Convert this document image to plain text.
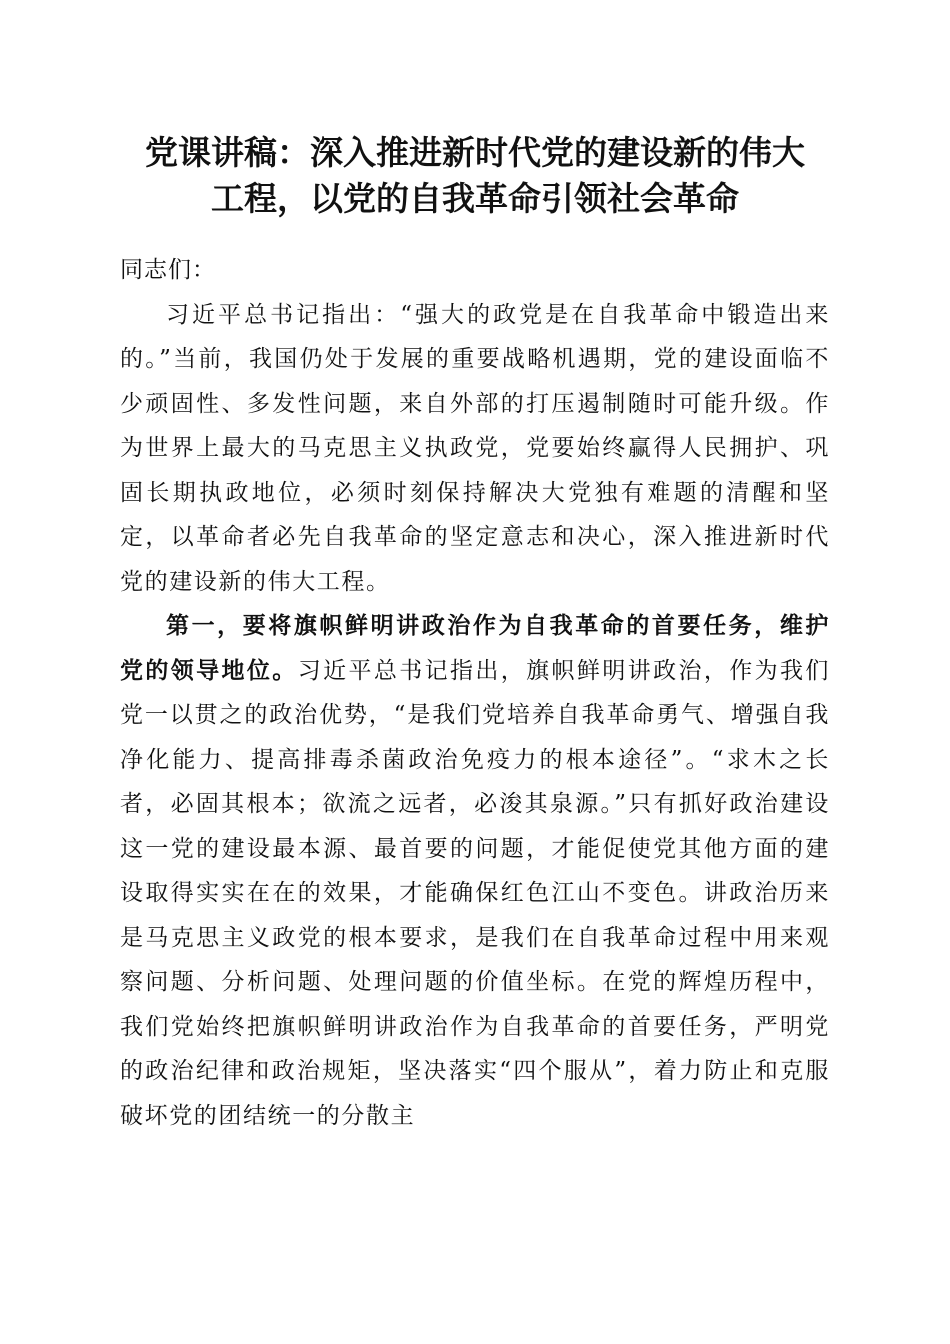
党课讲稿：深入推进新时代党的建设新的伟大
工程，以党的自我革命引领社会革命

同志们：

习近平总书记指出：“强大的政党是在自我革命中锻造出来的。”当前，我国仍处于发展的重要战略机遇期，党的建设面临不少顽固性、多发性问题，来自外部的打压遏制随时可能升级。作为世界上最大的马克思主义执政党，党要始终赢得人民拥护、巩固长期执政地位，必须时刻保持解决大党独有难题的清醒和坚定，以革命者必先自我革命的坚定意志和决心，深入推进新时代党的建设新的伟大工程。

第一，要将旗帜鲜明讲政治作为自我革命的首要任务，维护党的领导地位。习近平总书记指出，旗帜鲜明讲政治，作为我们党一以贯之的政治优势，“是我们党培养自我革命勇气、增强自我净化能力、提高排毒杀菌政治免疫力的根本途径”。“求木之长者，必固其根本；欲流之远者，必浚其泉源。”只有抓好政治建设这一党的建设最本源、最首要的问题，才能促使党其他方面的建设取得实实在在的效果，才能确保红色江山不变色。讲政治历来是马克思主义政党的根本要求，是我们在自我革命过程中用来观察问题、分析问题、处理问题的价值坐标。在党的辉煌历程中，我们党始终把旗帜鲜明讲政治作为自我革命的首要任务，严明党的政治纪律和政治规矩，坚决落实“四个服从”，着力防止和克服破坏党的团结统一的分散主
